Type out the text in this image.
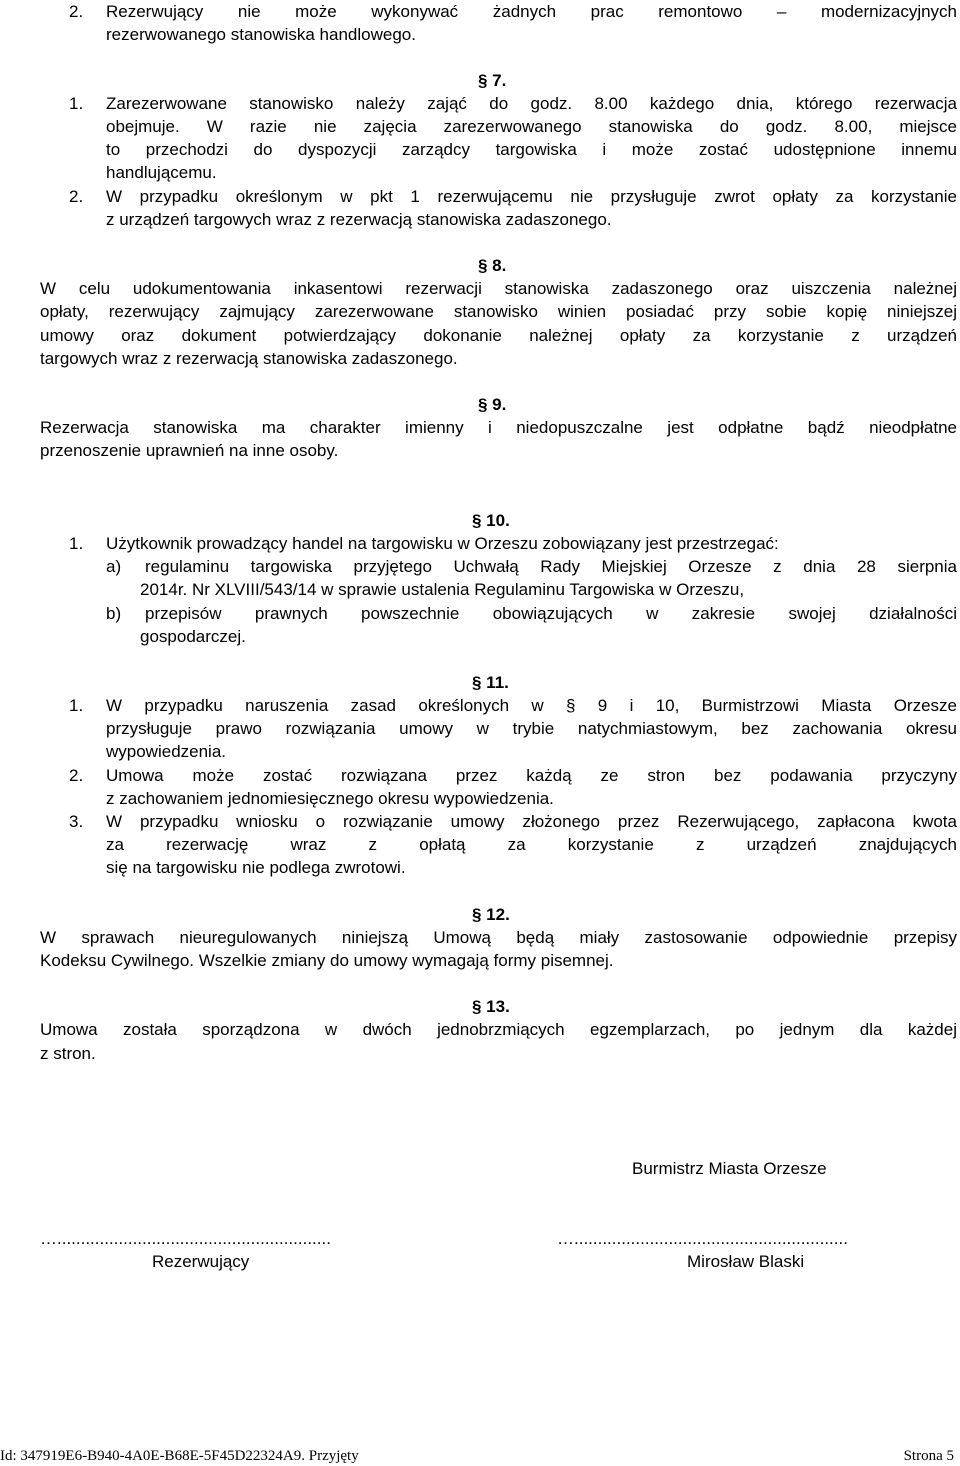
2.	Rezerwujący nie może wykonywać żadnych prac remontowo – modernizacyjnych
rezerwowanego stanowiska handlowego.
§ 7.
1.	Zarezerwowane stanowisko należy zająć do godz. 8.00 każdego dnia, którego rezerwacja
obejmuje. W razie nie zajęcia zarezerwowanego stanowiska do godz. 8.00, miejsce
to przechodzi do dyspozycji zarządcy targowiska i może zostać udostępnione innemu
handlującemu.
2.	W przypadku określonym w pkt 1 rezerwującemu nie przysługuje zwrot opłaty za korzystanie
z urządzeń targowych wraz z rezerwacją stanowiska zadaszonego.
§ 8.
W celu udokumentowania inkasentowi rezerwacji stanowiska zadaszonego oraz uiszczenia należnej
opłaty, rezerwujący zajmujący zarezerwowane stanowisko winien posiadać przy sobie kopię niniejszej
umowy oraz dokument potwierdzający dokonanie należnej opłaty za korzystanie z urządzeń
targowych wraz z rezerwacją stanowiska zadaszonego.
§ 9.
Rezerwacja stanowiska ma charakter imienny i niedopuszczalne jest odpłatne bądź nieodpłatne
przenoszenie uprawnień na inne osoby.
§ 10.
1.	Użytkownik prowadzący handel na targowisku w Orzeszu zobowiązany jest przestrzegać:
a) regulaminu targowiska przyjętego Uchwałą Rady Miejskiej Orzesze z dnia 28 sierpnia
2014r. Nr XLVIII/543/14 w sprawie ustalenia Regulaminu Targowiska w Orzeszu,
b) przepisów prawnych powszechnie obowiązujących w zakresie swojej działalności
gospodarczej.
§ 11.
1.	W przypadku naruszenia zasad określonych w § 9 i 10, Burmistrzowi Miasta Orzesze
przysługuje prawo rozwiązania umowy w trybie natychmiastowym, bez zachowania okresu
wypowiedzenia.
2.	Umowa może zostać rozwiązana przez każdą ze stron bez podawania przyczyny
z zachowaniem jednomiesięcznego okresu wypowiedzenia.
3.	W przypadku wniosku o rozwiązanie umowy złożonego przez Rezerwującego, zapłacona kwota
za rezerwację wraz z opłatą za korzystanie z urządzeń znajdujących
się na targowisku nie podlega zwrotowi.
§ 12.
W sprawach nieuregulowanych niniejszą Umową będą miały zastosowanie odpowiednie przepisy
Kodeksu Cywilnego. Wszelkie zmiany do umowy wymagają formy pisemnej.
§ 13.
Umowa została sporządzona w dwóch jednobrzmiących egzemplarzach, po jednym dla każdej
z stron.
Burmistrz Miasta Orzesze
…..........................................................	…..........................................................
Rezerwujący	Mirosław Blaski
Id: 347919E6-B940-4A0E-B68E-5F45D22324A9. Przyjęty	Strona 5
